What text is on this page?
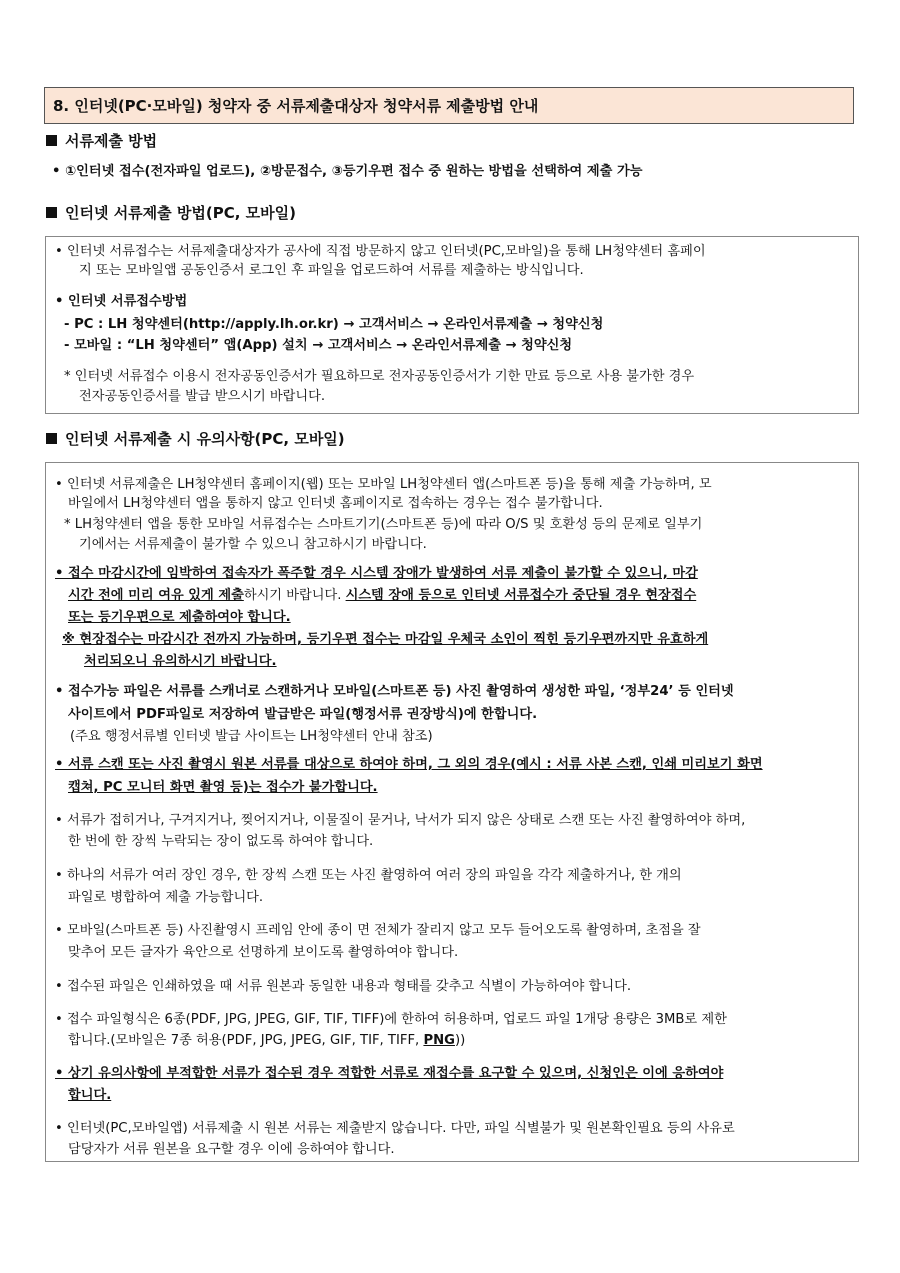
8. 인터넷(PC·모바일) 청약자 중 서류제출대상자 청약서류 제출방법 안내
서류제출 방법
• ①인터넷 접수(전자파일 업로드), ②방문접수, ③등기우편 접수 중 원하는 방법을 선택하여 제출 가능
인터넷 서류제출 방법(PC, 모바일)
• 인터넷 서류접수는 서류제출대상자가 공사에 직접 방문하지 않고 인터넷(PC,모바일)을 통해 LH청약센터 홈페이
지 또는 모바일앱 공동인증서 로그인 후 파일을 업로드하여 서류를 제출하는 방식입니다.
• 인터넷 서류접수방법
- PC : LH 청약센터(http://apply.lh.or.kr) → 고객서비스 → 온라인서류제출 → 청약신청
- 모바일 : “LH 청약센터” 앱(App) 설치 → 고객서비스 → 온라인서류제출 → 청약신청
* 인터넷 서류접수 이용시 전자공동인증서가 필요하므로 전자공동인증서가 기한 만료 등으로 사용 불가한 경우
전자공동인증서를 발급 받으시기 바랍니다.
인터넷 서류제출 시 유의사항(PC, 모바일)
• 인터넷 서류제출은 LH청약센터 홈페이지(웹) 또는 모바일 LH청약센터 앱(스마트폰 등)을 통해 제출 가능하며, 모
바일에서 LH청약센터 앱을 통하지 않고 인터넷 홈페이지로 접속하는 경우는 접수 불가합니다.
* LH청약센터 앱을 통한 모바일 서류접수는 스마트기기(스마트폰 등)에 따라 O/S 및 호환성 등의 문제로 일부기
기에서는 서류제출이 불가할 수 있으니 참고하시기 바랍니다.
• 접수 마감시간에 임박하여 접속자가 폭주할 경우 시스템 장애가 발생하여 서류 제출이 불가할 수 있으니, 마감
시간 전에 미리 여유 있게 제출하시기 바랍니다. 시스템 장애 등으로 인터넷 서류접수가 중단될 경우 현장접수
또는 등기우편으로 제출하여야 합니다.
※ 현장접수는 마감시간 전까지 가능하며, 등기우편 접수는 마감일 우체국 소인이 찍힌 등기우편까지만 유효하게
처리되오니 유의하시기 바랍니다.
• 접수가능 파일은 서류를 스캐너로 스캔하거나 모바일(스마트폰 등) 사진 촬영하여 생성한 파일, ‘정부24’ 등 인터넷
사이트에서 PDF파일로 저장하여 발급받은 파일(행정서류 권장방식)에 한합니다.
(주요 행정서류별 인터넷 발급 사이트는 LH청약센터 안내 참조)
• 서류 스캔 또는 사진 촬영시 원본 서류를 대상으로 하여야 하며, 그 외의 경우(예시 : 서류 사본 스캔, 인쇄 미리보기 화면
캡쳐, PC 모니터 화면 촬영 등)는 접수가 불가합니다.
• 서류가 접히거나, 구겨지거나, 찢어지거나, 이물질이 묻거나, 낙서가 되지 않은 상태로 스캔 또는 사진 촬영하여야 하며,
한 번에 한 장씩 누락되는 장이 없도록 하여야 합니다.
• 하나의 서류가 여러 장인 경우, 한 장씩 스캔 또는 사진 촬영하여 여러 장의 파일을 각각 제출하거나, 한 개의
파일로 병합하여 제출 가능합니다.
• 모바일(스마트폰 등) 사진촬영시 프레임 안에 종이 면 전체가 잘리지 않고 모두 들어오도록 촬영하며, 초점을 잘
맞추어 모든 글자가 육안으로 선명하게 보이도록 촬영하여야 합니다.
• 접수된 파일은 인쇄하였을 때 서류 원본과 동일한 내용과 형태를 갖추고 식별이 가능하여야 합니다.
• 접수 파일형식은 6종(PDF, JPG, JPEG, GIF, TIF, TIFF)에 한하여 허용하며, 업로드 파일 1개당 용량은 3MB로 제한
합니다.(모바일은 7종 허용(PDF, JPG, JPEG, GIF, TIF, TIFF, PNG))
• 상기 유의사항에 부적합한 서류가 접수된 경우 적합한 서류로 재접수를 요구할 수 있으며, 신청인은 이에 응하여야
합니다.
• 인터넷(PC,모바일앱) 서류제출 시 원본 서류는 제출받지 않습니다. 다만, 파일 식별불가 및 원본확인필요 등의 사유로
담당자가 서류 원본을 요구할 경우 이에 응하여야 합니다.
